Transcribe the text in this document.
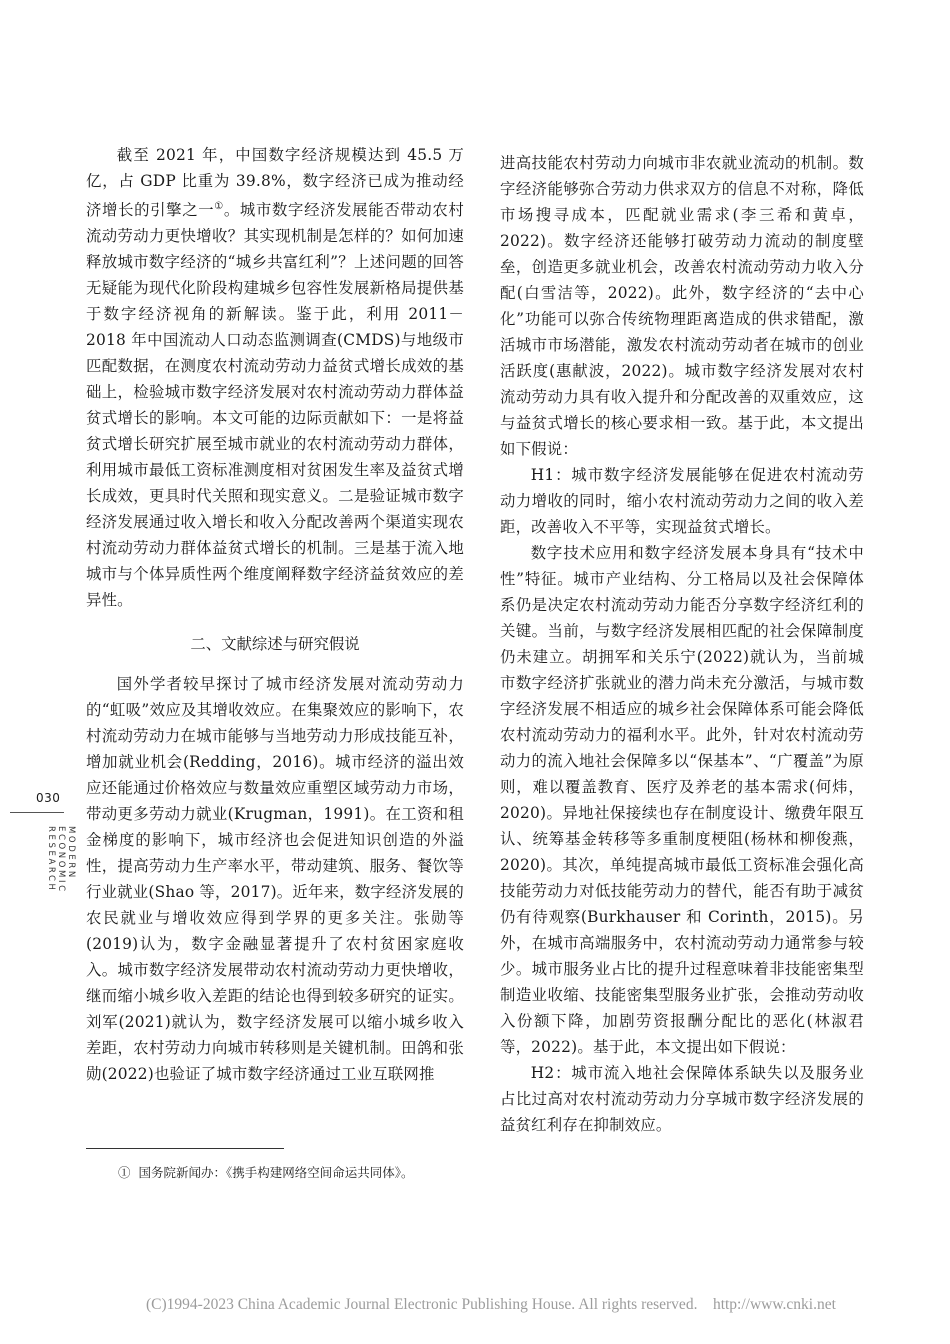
截至 2021 年，中国数字经济规模达到 45.5 万亿，占 GDP 比重为 39.8%，数字经济已成为推动经济增长的引擎之一①。城市数字经济发展能否带动农村流动劳动力更快增收？其实现机制是怎样的？如何加速释放城市数字经济的“城乡共富红利”？上述问题的回答无疑能为现代化阶段构建城乡包容性发展新格局提供基于数字经济视角的新解读。鉴于此，利用 2011－2018 年中国流动人口动态监测调查(CMDS)与地级市匹配数据，在测度农村流动劳动力益贫式增长成效的基础上，检验城市数字经济发展对农村流动劳动力群体益贫式增长的影响。本文可能的边际贡献如下：一是将益贫式增长研究扩展至城市就业的农村流动劳动力群体，利用城市最低工资标准测度相对贫困发生率及益贫式增长成效，更具时代关照和现实意义。二是验证城市数字经济发展通过收入增长和收入分配改善两个渠道实现农村流动劳动力群体益贫式增长的机制。三是基于流入地城市与个体异质性两个维度阐释数字经济益贫效应的差异性。

二、文献综述与研究假说

国外学者较早探讨了城市经济发展对流动劳动力的“虹吸”效应及其增收效应。在集聚效应的影响下，农村流动劳动力在城市能够与当地劳动力形成技能互补，增加就业机会(Redding，2016)。城市经济的溢出效应还能通过价格效应与数量效应重塑区域劳动力市场，带动更多劳动力就业(Krugman，1991)。在工资和租金梯度的影响下，城市经济也会促进知识创造的外溢性，提高劳动力生产率水平，带动建筑、服务、餐饮等行业就业(Shao 等，2017)。近年来，数字经济发展的农民就业与增收效应得到学界的更多关注。张勋等(2019)认为，数字金融显著提升了农村贫困家庭收入。城市数字经济发展带动农村流动劳动力更快增收，继而缩小城乡收入差距的结论也得到较多研究的证实。刘军(2021)就认为，数字经济发展可以缩小城乡收入差距，农村劳动力向城市转移则是关键机制。田鸽和张勋(2022)也验证了城市数字经济通过工业互联网推

进高技能农村劳动力向城市非农就业流动的机制。数字经济能够弥合劳动力供求双方的信息不对称，降低市场搜寻成本，匹配就业需求(李三希和黄卓，2022)。数字经济还能够打破劳动力流动的制度壁垒，创造更多就业机会，改善农村流动劳动力收入分配(白雪洁等，2022)。此外，数字经济的“去中心化”功能可以弥合传统物理距离造成的供求错配，激活城市市场潜能，激发农村流动劳动者在城市的创业活跃度(惠献波，2022)。城市数字经济发展对农村流动劳动力具有收入提升和分配改善的双重效应，这与益贫式增长的核心要求相一致。基于此，本文提出如下假说：

H1：城市数字经济发展能够在促进农村流动劳动力增收的同时，缩小农村流动劳动力之间的收入差距，改善收入不平等，实现益贫式增长。

数字技术应用和数字经济发展本身具有“技术中性”特征。城市产业结构、分工格局以及社会保障体系仍是决定农村流动劳动力能否分享数字经济红利的关键。当前，与数字经济发展相匹配的社会保障制度仍未建立。胡拥军和关乐宁(2022)就认为，当前城市数字经济扩张就业的潜力尚未充分激活，与城市数字经济发展不相适应的城乡社会保障体系可能会降低农村流动劳动力的福利水平。此外，针对农村流动劳动力的流入地社会保障多以“保基本”、“广覆盖”为原则，难以覆盖教育、医疗及养老的基本需求(何炜，2020)。异地社保接续也存在制度设计、缴费年限互认、统筹基金转移等多重制度梗阻(杨林和柳俊燕，2020)。其次，单纯提高城市最低工资标准会强化高技能劳动力对低技能劳动力的替代，能否有助于减贫仍有待观察(Burkhauser 和 Corinth，2015)。另外，在城市高端服务中，农村流动劳动力通常参与较少。城市服务业占比的提升过程意味着非技能密集型制造业收缩、技能密集型服务业扩张，会推动劳动收入份额下降，加剧劳资报酬分配比的恶化(林淑君等，2022)。基于此，本文提出如下假说：

H2：城市流入地社会保障体系缺失以及服务业占比过高对农村流动劳动力分享城市数字经济发展的益贫红利存在抑制效应。

① 国务院新闻办：《携手构建网络空间命运共同体》。
030
MODERN
ECONOMIC
RESEARCH
(C)1994-2023 China Academic Journal Electronic Publishing House. All rights reserved.    http://www.cnki.net
